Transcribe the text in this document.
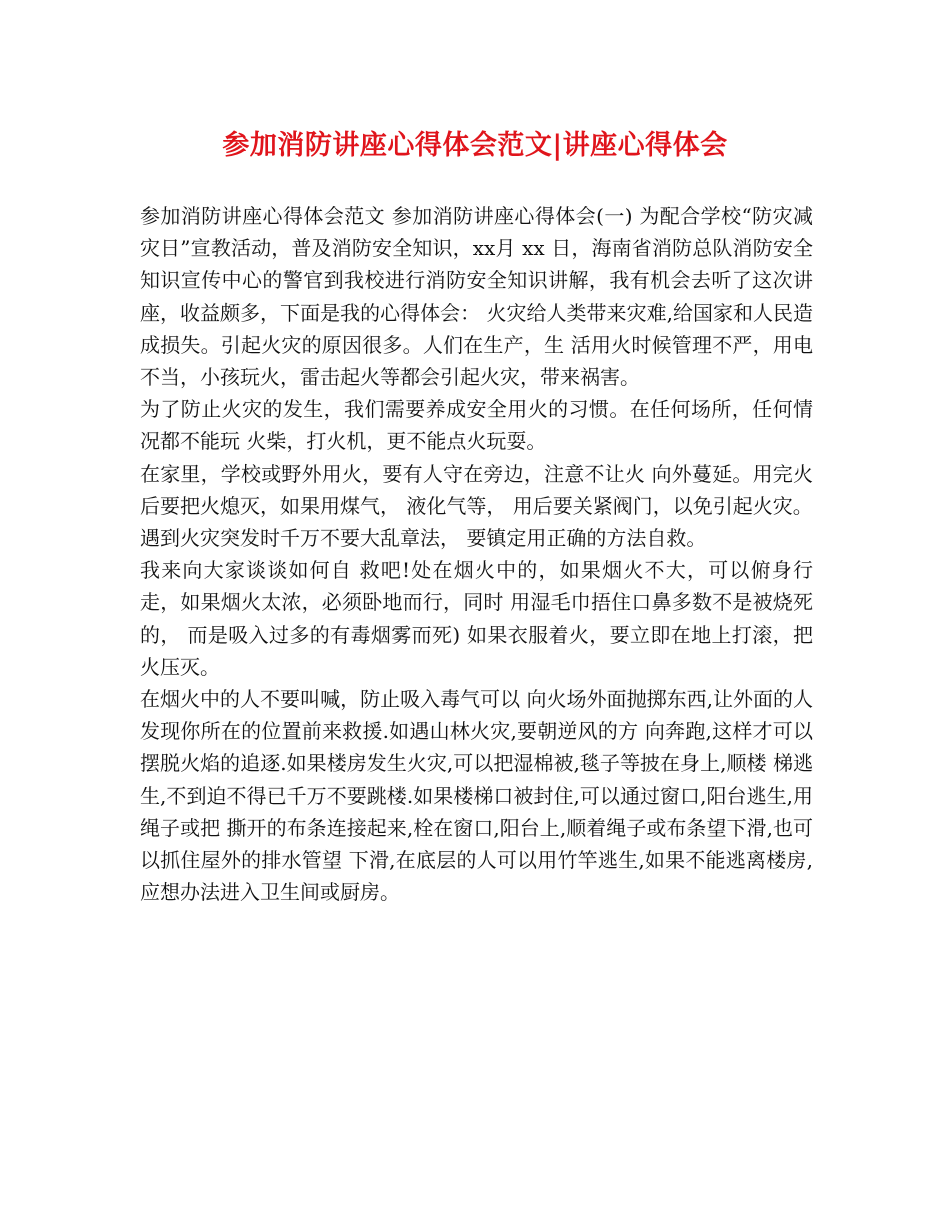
参加消防讲座心得体会范文|讲座心得体会

参加消防讲座心得体会范文 参加消防讲座心得体会(一) 为配合学校“防灾减灾日”宣教活动，普及消防安全知识，xx月 xx 日，海南省消防总队消防安全知识宣传中心的警官到我校进行消防安全知识讲解，我有机会去听了这次讲座，收益颇多，下面是我的心得体会： 火灾给人类带来灾难,给国家和人民造成损失。引起火灾的原因很多。人们在生产，生 活用火时候管理不严，用电不当，小孩玩火，雷击起火等都会引起火灾，带来祸害。

为了防止火灾的发生，我们需要养成安全用火的习惯。在任何场所，任何情况都不能玩 火柴，打火机，更不能点火玩耍。

在家里，学校或野外用火，要有人守在旁边，注意不让火 向外蔓延。用完火后要把火熄灭，如果用煤气， 液化气等， 用后要关紧阀门，以免引起火灾。

遇到火灾突发时千万不要大乱章法， 要镇定用正确的方法自救。

我来向大家谈谈如何自 救吧!处在烟火中的，如果烟火不大，可以俯身行走，如果烟火太浓，必须卧地而行，同时 用湿毛巾捂住口鼻多数不是被烧死的， 而是吸入过多的有毒烟雾而死) 如果衣服着火，要立即在地上打滚，把火压灭。

在烟火中的人不要叫喊，防止吸入毒气可以 向火场外面抛掷东西,让外面的人发现你所在的位置前来救援.如遇山林火灾,要朝逆风的方 向奔跑,这样才可以摆脱火焰的追逐.如果楼房发生火灾,可以把湿棉被,毯子等披在身上,顺楼 梯逃生,不到迫不得已千万不要跳楼.如果楼梯口被封住,可以通过窗口,阳台逃生,用绳子或把 撕开的布条连接起来,栓在窗口,阳台上,顺着绳子或布条望下滑,也可以抓住屋外的排水管望 下滑,在底层的人可以用竹竿逃生,如果不能逃离楼房,应想办法进入卫生间或厨房。
